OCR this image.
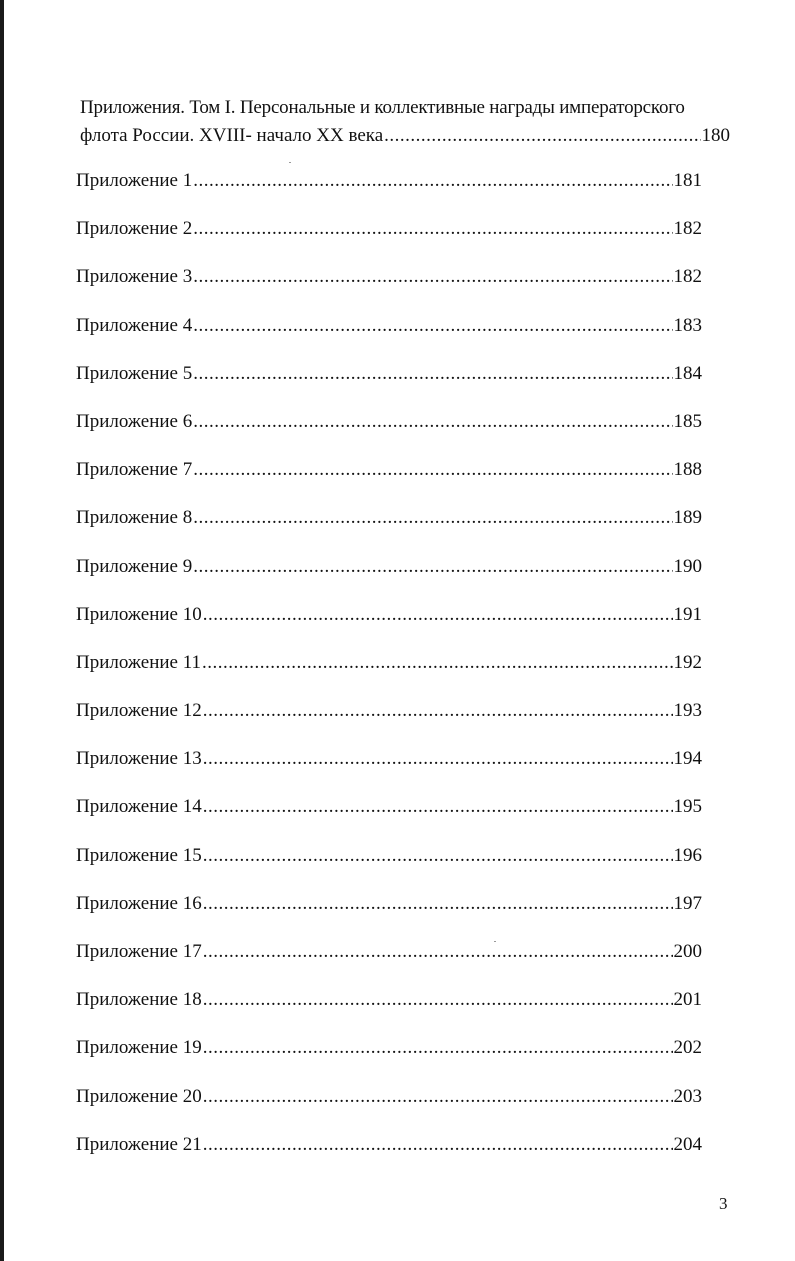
Приложения. Том I. Персональные и коллективные награды императорского
флота России. XVIII- начало XX века .....	180
Приложение 1 .....	181
Приложение 2 .....	182
Приложение 3 .....	182
Приложение 4 .....	183
Приложение 5 .....	184
Приложение 6 .....	185
Приложение 7 .....	188
Приложение 8 .....	189
Приложение 9 .....	190
Приложение 10 .....	191
Приложение 11 .....	192
Приложение 12 .....	193
Приложение 13 .....	194
Приложение 14 .....	195
Приложение 15 .....	196
Приложение 16 .....	197
Приложение 17 .....	200
Приложение 18 .....	201
Приложение 19 .....	202
Приложение 20 .....	203
Приложение 21 .....	204
3
